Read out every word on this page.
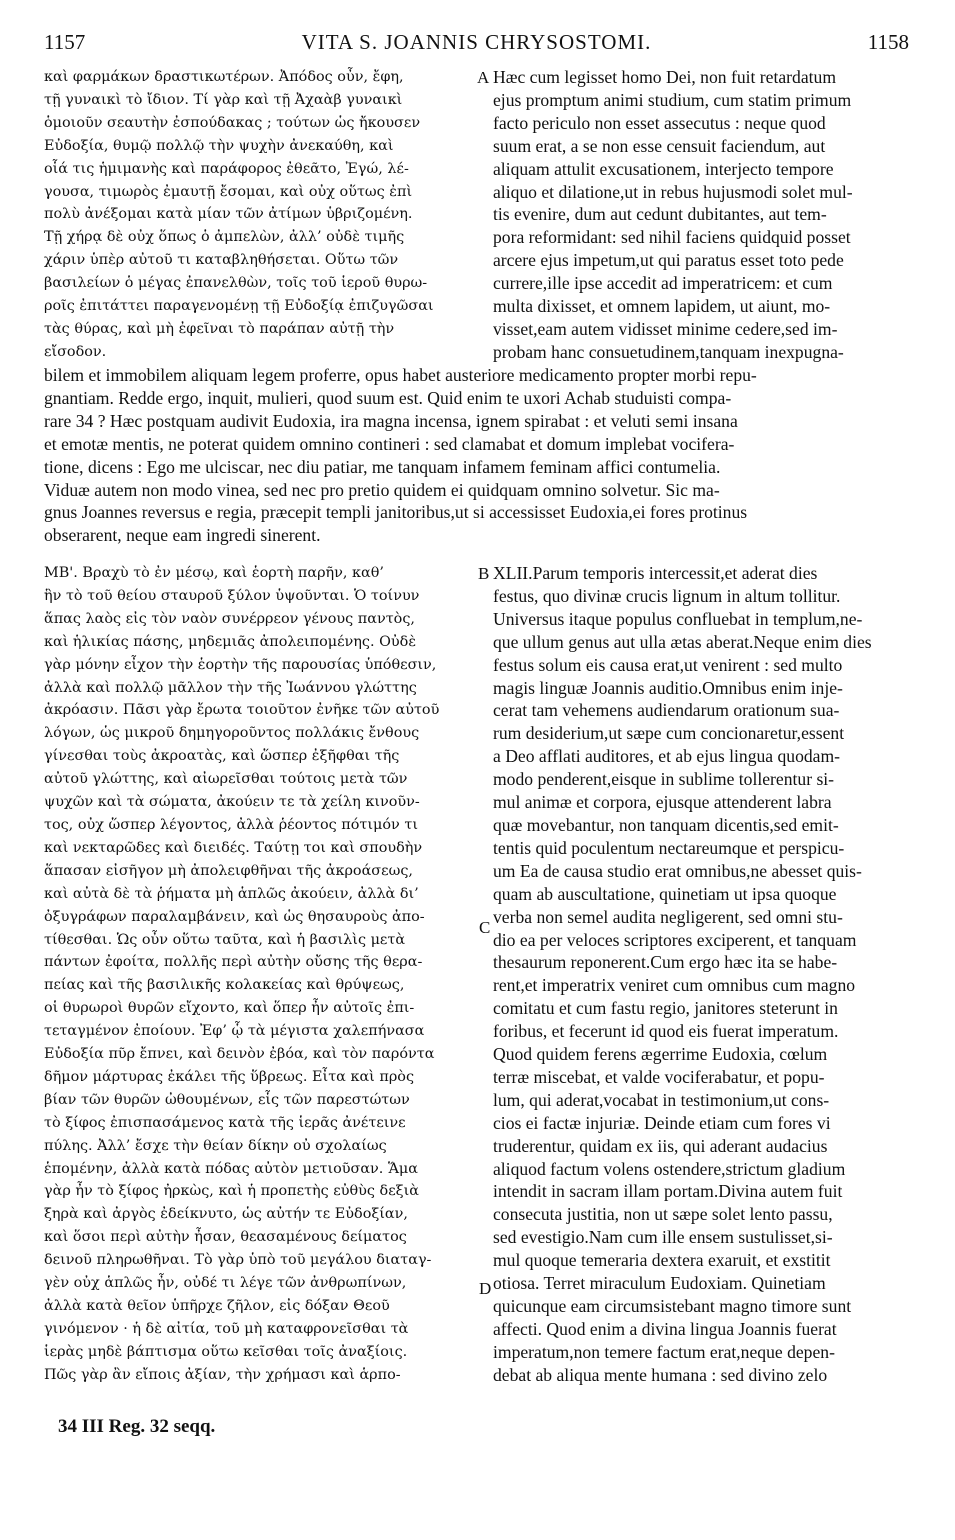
1157	VITA S. JOANNIS CHRYSOSTOMI.	1158
καὶ φαρμάκων δραστικωτέρων. Ἀπόδος οὖν, ἔφη,
τῇ γυναικὶ τὸ ἴδιον. Τί γὰρ καὶ τῇ Ἀχαὰβ γυναικὶ
ὁμοιοῦν σεαυτὴν ἐσπούδακας ; τούτων ὡς ἤκουσεν
Εὐδοξία, θυμῷ πολλῷ τὴν ψυχὴν ἀνεκαύθη, καὶ
οἷά τις ἡμιμανὴς καὶ παράφορος ἐθεᾶτο, Ἐγώ, λέ-
γουσα, τιμωρὸς ἐμαυτῇ ἔσομαι, καὶ οὐχ οὕτως ἐπὶ
πολὺ ἀνέξομαι κατὰ μίαν τῶν ἀτίμων ὑβριζομένη.
Τῇ χήρᾳ δὲ οὐχ ὅπως ὁ ἀμπελὼν, ἀλλ’ οὐδὲ τιμῆς
χάριν ὑπὲρ αὐτοῦ τι καταβληθήσεται. Οὕτω τῶν
βασιλείων ὁ μέγας ἐπανελθὼν, τοῖς τοῦ ἱεροῦ θυρω-
ροῖς ἐπιτάττει παραγενομένῃ τῇ Εὐδοξίᾳ ἐπιζυγῶσαι
τὰς θύρας, καὶ μὴ ἐφεῖναι τὸ παράπαν αὐτῇ τὴν
εἴσοδον.
Hæc cum legisset homo Dei, non fuit retardatum
ejus promptum animi studium, cum statim primum
facto periculo non esset assecutus : neque quod
suum erat, a se non esse censuit faciendum, aut
aliquam attulit excusationem, interjecto tempore
aliquo et dilatione,ut in rebus hujusmodi solet mul-
tis evenire, dum aut cedunt dubitantes, aut tem-
pora reformidant: sed nihil faciens quidquid posset
arcere ejus impetum,ut qui paratus esset toto pede
currere,ille ipse accedit ad imperatricem: et cum
multa dixisset, et omnem lapidem, ut aiunt, mo-
visset,eam autem vidisset minime cedere,sed im-
probam hanc consuetudinem,tanquam inexpugna-
bilem et immobilem aliquam legem proferre, opus habet austeriore medicamento propter morbi repu-
gnantiam. Redde ergo, inquit, mulieri, quod suum est. Quid enim te uxori Achab studuisti compa-
rare 34 ? Hæc postquam audivit Eudoxia, ira magna incensa, ignem spirabat : et veluti semi insana
et emotæ mentis, ne poterat quidem omnino contineri : sed clamabat et domum implebat vocifera-
tione, dicens : Ego me ulciscar, nec diu patiar, me tanquam infamem feminam affici contumelia.
Viduæ autem non modo vinea, sed nec pro pretio quidem ei quidquam omnino solvetur. Sic ma-
gnus Joannes reversus e regia, præcepit templi janitoribus,ut si accessisset Eudoxia,ei fores protinus
obserarent, neque eam ingredi sinerent.
ΜΒ'. Βραχὺ τὸ ἐν μέσῳ, καὶ ἑορτὴ παρῆν, καθ’
ἣν τὸ τοῦ θείου σταυροῦ ξύλον ὑψοῦνται. Ὁ τοίνυν
ἅπας λαὸς εἰς τὸν ναὸν συνέρρεον γένους παντὸς,
καὶ ἡλικίας πάσης, μηδεμιᾶς ἀπολειπομένης. Οὐδὲ
γὰρ μόνην εἶχον τὴν ἑορτὴν τῆς παρουσίας ὑπόθεσιν,
ἀλλὰ καὶ πολλῷ μᾶλλον τὴν τῆς Ἰωάννου γλώττης
ἀκρόασιν. Πᾶσι γὰρ ἔρωτα τοιοῦτον ἐνῆκε τῶν αὐτοῦ
λόγων, ὡς μικροῦ δημηγοροῦντος πολλάκις ἔνθους
γίνεσθαι τοὺς ἀκροατὰς, καὶ ὥσπερ ἐξῆφθαι τῆς
αὐτοῦ γλώττης, καὶ αἰωρεῖσθαι τούτοις μετὰ τῶν
ψυχῶν καὶ τὰ σώματα, ἀκούειν τε τὰ χείλη κινοῦν-
τος, οὐχ ὥσπερ λέγοντος, ἀλλὰ ῥέοντος πότιμόν τι
καὶ νεκταρῶδες καὶ διειδές. Ταύτῃ τοι καὶ σπουδὴν
ἅπασαν εἰσῆγον μὴ ἀπολειφθῆναι τῆς ἀκροάσεως,
καὶ αὐτὰ δὲ τὰ ῥήματα μὴ ἁπλῶς ἀκούειν, ἀλλὰ δι’
ὀξυγράφων παραλαμβάνειν, καὶ ὡς θησαυροὺς ἀπο-
τίθεσθαι. Ὡς οὖν οὕτω ταῦτα, καὶ ἡ βασιλὶς μετὰ
πάντων ἐφοίτα, πολλῆς περὶ αὐτὴν οὔσης τῆς θερα-
πείας καὶ τῆς βασιλικῆς κολακείας καὶ θρύψεως,
οἱ θυρωροὶ θυρῶν εἴχοντο, καὶ ὅπερ ἦν αὐτοῖς ἐπι-
τεταγμένον ἐποίουν. Ἐφ’ ᾧ τὰ μέγιστα χαλεπήνασα
Εὐδοξία πῦρ ἔπνει, καὶ δεινὸν ἐβόα, καὶ τὸν παρόντα
δῆμον μάρτυρας ἐκάλει τῆς ὕβρεως. Εἶτα καὶ πρὸς
βίαν τῶν θυρῶν ὠθουμένων, εἷς τῶν παρεστώτων
τὸ ξίφος ἐπισπασάμενος κατὰ τῆς ἱερᾶς ἀνέτεινε
πύλης. Ἀλλ’ ἔσχε τὴν θείαν δίκην οὐ σχολαίως
ἑπομένην, ἀλλὰ κατὰ πόδας αὐτὸν μετιοῦσαν. Ἅμα
γὰρ ἦν τὸ ξίφος ἠρκὼς, καὶ ἡ προπετὴς εὐθὺς δεξιὰ
ξηρὰ καὶ ἀργὸς ἐδείκνυτο, ὡς αὐτήν τε Εὐδοξίαν,
καὶ ὅσοι περὶ αὐτὴν ἦσαν, θεασαμένους δείματος
δεινοῦ πληρωθῆναι. Τὸ γὰρ ὑπὸ τοῦ μεγάλου διαταγ-
γὲν οὐχ ἁπλῶς ἦν, οὐδέ τι λέγε τῶν ἀνθρωπίνων,
ἀλλὰ κατὰ θεῖον ὑπῆρχε ζῆλον, εἰς δόξαν Θεοῦ
γινόμενον · ἡ δὲ αἰτία, τοῦ μὴ καταφρονεῖσθαι τὰ
ἱερὰς μηδὲ βάπτισμα οὕτω κεῖσθαι τοῖς ἀναξίοις.
Πῶς γὰρ ἂν εἴποις ἀξίαν, τὴν χρήμασι καὶ ἁρπο-
XLII.Parum temporis intercessit,et aderat dies
festus, quo divinæ crucis lignum in altum tollitur.
Universus itaque populus confluebat in templum,ne-
que ullum genus aut ulla ætas aberat.Neque enim dies
festus solum eis causa erat,ut venirent : sed multo
magis linguæ Joannis auditio.Omnibus enim inje-
cerat tam vehemens audiendarum orationum sua-
rum desiderium,ut sæpe cum concionaretur,essent
a Deo afflati auditores, et ab ejus lingua quodam-
modo penderent,eisque in sublime tollerentur si-
mul animæ et corpora, ejusque attenderent labra
quæ movebantur, non tanquam dicentis,sed emit-
tentis quid poculentum nectareumque et perspicu-
um Ea de causa studio erat omnibus,ne abesset quis-
quam ab auscultatione, quinetiam ut ipsa quoque
verba non semel audita negligerent, sed omni stu-
dio ea per veloces scriptores exciperent, et tanquam
thesaurum reponerent.Cum ergo hæc ita se habe-
rent,et imperatrix veniret cum omnibus cum magno
comitatu et cum fastu regio, janitores steterunt in
foribus, et fecerunt id quod eis fuerat imperatum.
Quod quidem ferens ægerrime Eudoxia, cœlum
terræ miscebat, et valde vociferabatur, et popu-
lum, qui aderat,vocabat in testimonium,ut cons-
cios ei factæ injuriæ. Deinde etiam cum fores vi
truderentur, quidam ex iis, qui aderant audacius
aliquod factum volens ostendere,strictum gladium
intendit in sacram illam portam.Divina autem fuit
consecuta justitia, non ut sæpe solet lento passu,
sed evestigio.Nam cum ille ensem sustulisset,si-
mul quoque temeraria dextera exaruit, et exstitit
otiosa. Terret miraculum Eudoxiam. Quinetiam
quicunque eam circumsistebant magno timore sunt
affecti. Quod enim a divina lingua Joannis fuerat
imperatum,non temere factum erat,neque depen-
debat ab aliqua mente humana : sed divino zelo
A
B
C
D
34 III Reg. 32 seqq.
